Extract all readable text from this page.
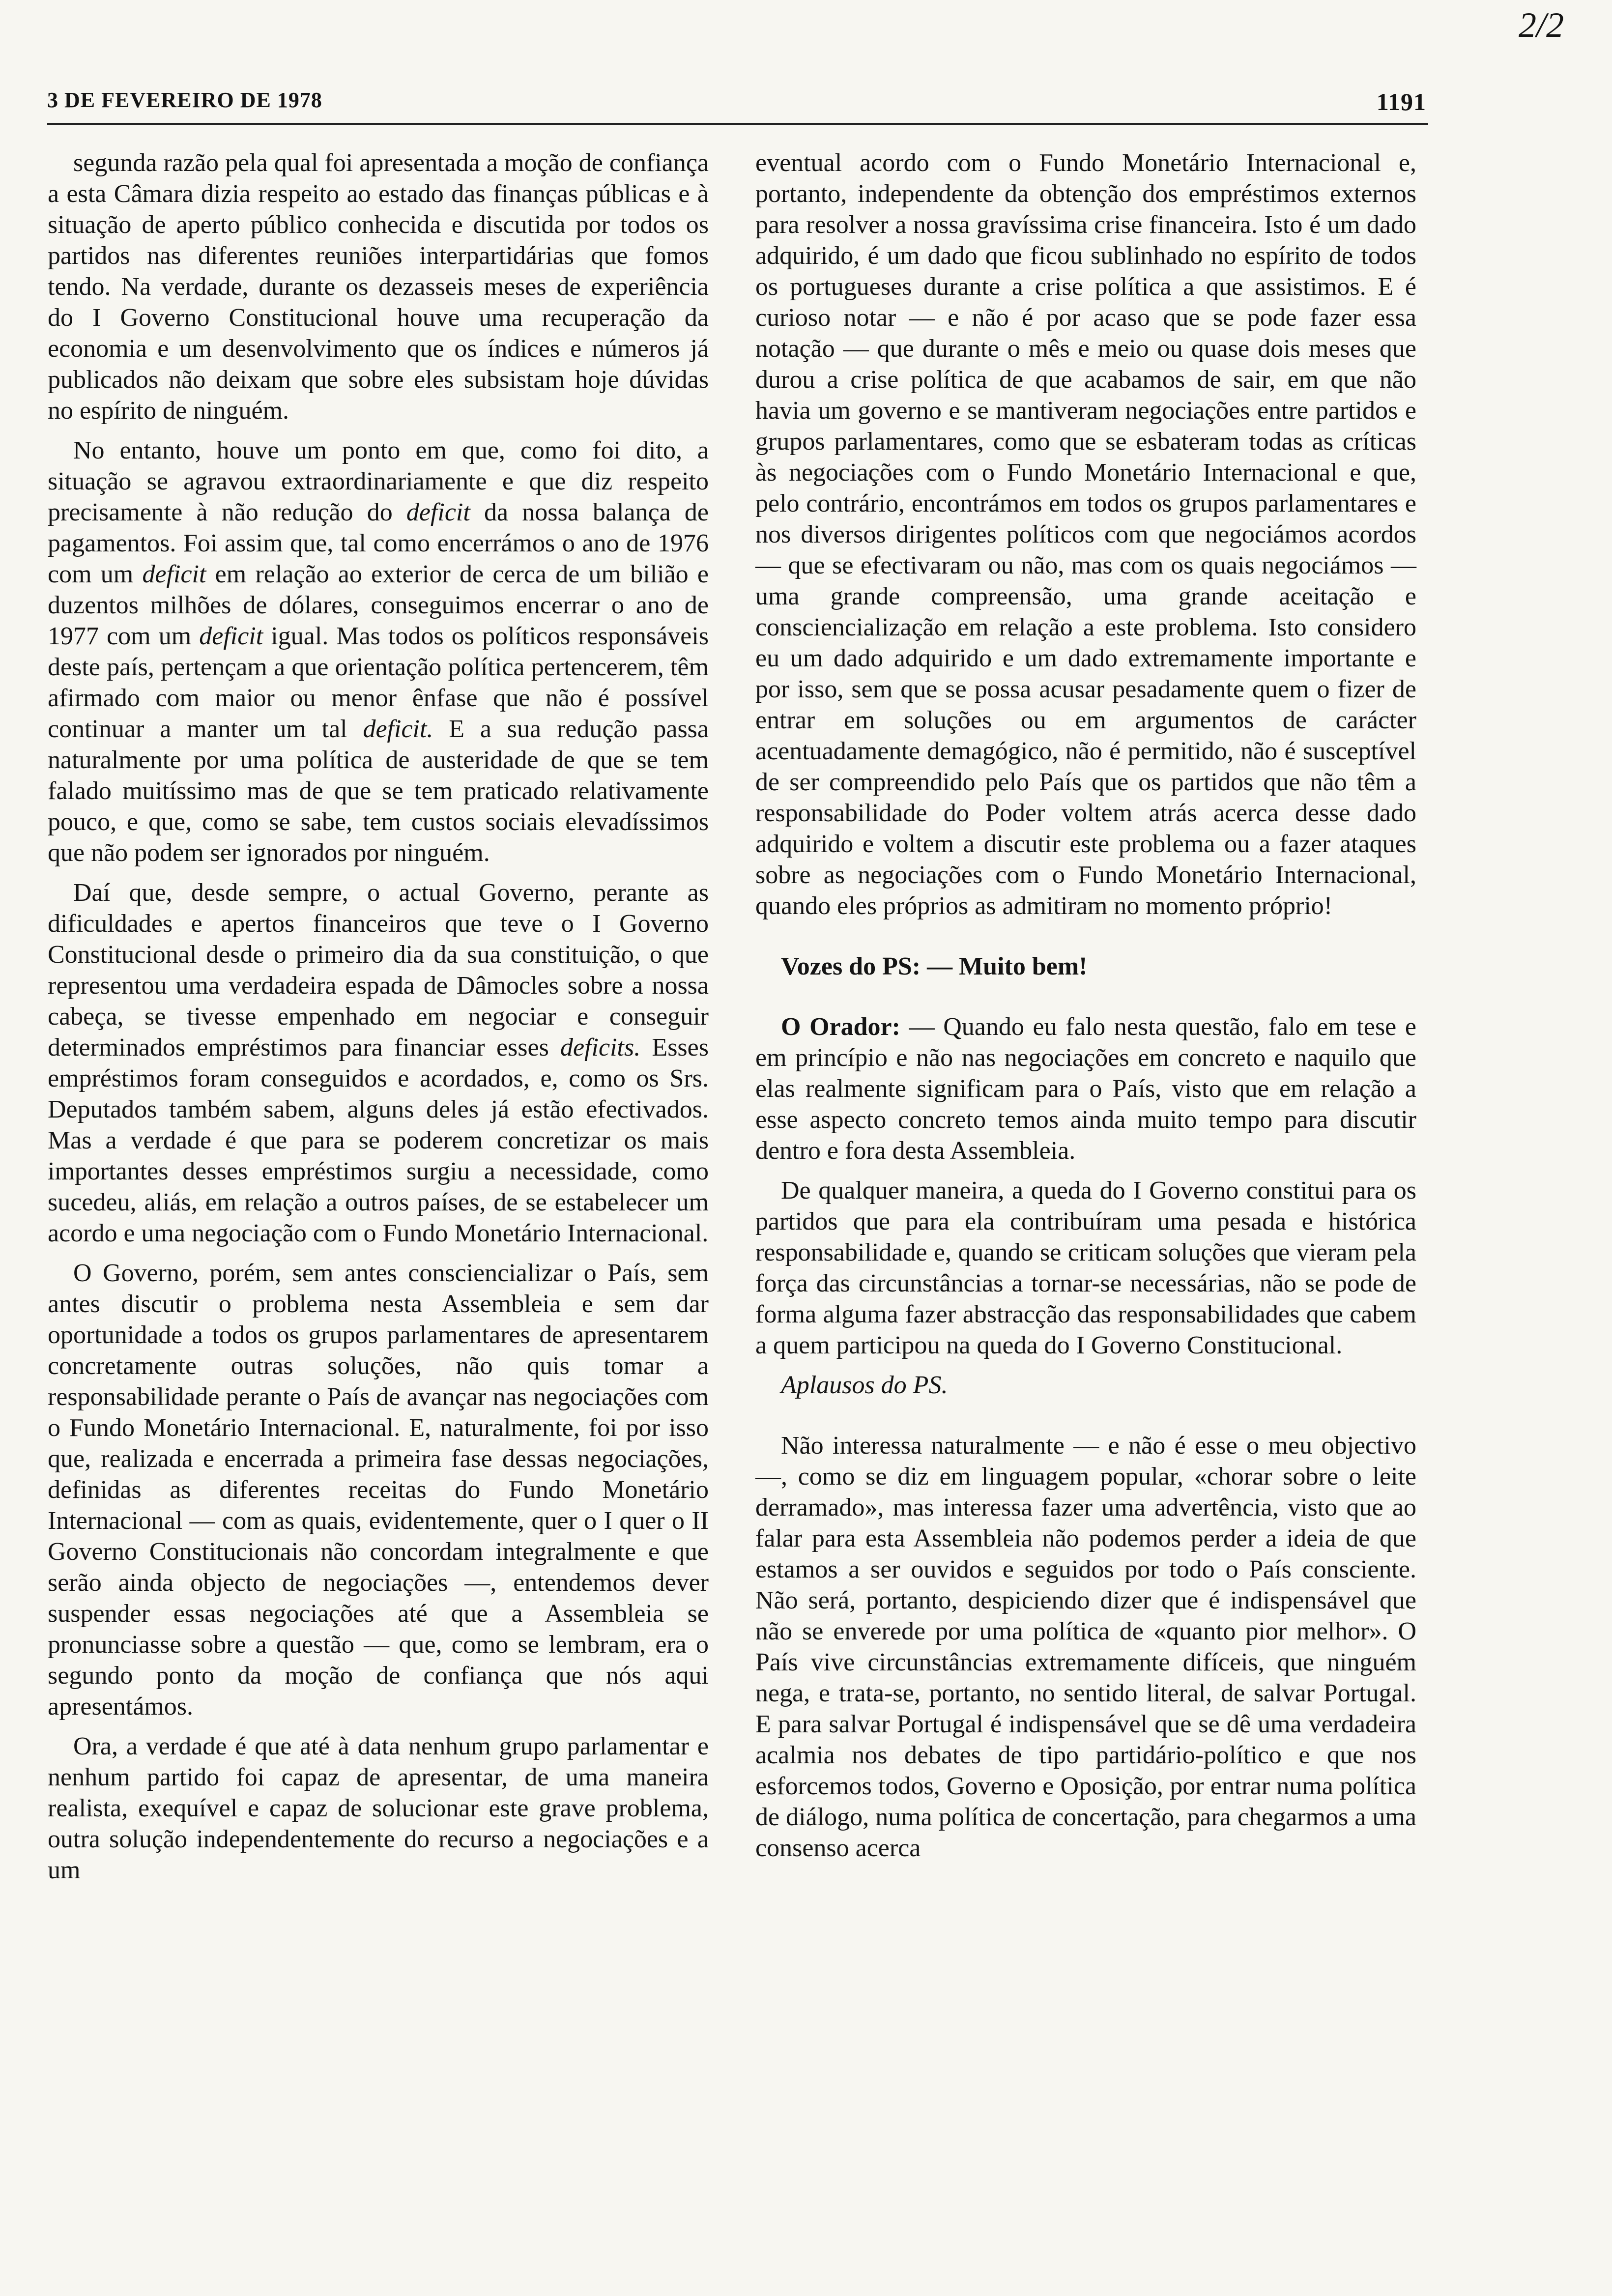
2/2
3 DE FEVEREIRO DE 1978	1191

segunda razão pela qual foi apresentada a moção de confiança a esta Câmara dizia respeito ao estado das finanças públicas e à situação de aperto público conhecida e discutida por todos os partidos nas diferentes reuniões interpartidárias que fomos tendo. Na verdade, durante os dezasseis meses de experiência do I Governo Constitucional houve uma recuperação da economia e um desenvolvimento que os índices e números já publicados não deixam que sobre eles subsistam hoje dúvidas no espírito de ninguém.

No entanto, houve um ponto em que, como foi dito, a situação se agravou extraordinariamente e que diz respeito precisamente à não redução do deficit da nossa balança de pagamentos. Foi assim que, tal como encerrámos o ano de 1976 com um deficit em relação ao exterior de cerca de um bilião e duzentos milhões de dólares, conseguimos encerrar o ano de 1977 com um deficit igual. Mas todos os políticos responsáveis deste país, pertençam a que orientação política pertencerem, têm afirmado com maior ou menor ênfase que não é possível continuar a manter um tal deficit. E a sua redução passa naturalmente por uma política de austeridade de que se tem falado muitíssimo mas de que se tem praticado relativamente pouco, e que, como se sabe, tem custos sociais elevadíssimos que não podem ser ignorados por ninguém.

Daí que, desde sempre, o actual Governo, perante as dificuldades e apertos financeiros que teve o I Governo Constitucional desde o primeiro dia da sua constituição, o que representou uma verdadeira espada de Dâmocles sobre a nossa cabeça, se tivesse empenhado em negociar e conseguir determinados empréstimos para financiar esses deficits. Esses empréstimos foram conseguidos e acordados, e, como os Srs. Deputados também sabem, alguns deles já estão efectivados. Mas a verdade é que para se poderem concretizar os mais importantes desses empréstimos surgiu a necessidade, como sucedeu, aliás, em relação a outros países, de se estabelecer um acordo e uma negociação com o Fundo Monetário Internacional.

O Governo, porém, sem antes consciencializar o País, sem antes discutir o problema nesta Assembleia e sem dar oportunidade a todos os grupos parlamentares de apresentarem concretamente outras soluções, não quis tomar a responsabilidade perante o País de avançar nas negociações com o Fundo Monetário Internacional. E, naturalmente, foi por isso que, realizada e encerrada a primeira fase dessas negociações, definidas as diferentes receitas do Fundo Monetário Internacional — com as quais, evidentemente, quer o I quer o II Governo Constitucionais não concordam integralmente e que serão ainda objecto de negociações —, entendemos dever suspender essas negociações até que a Assembleia se pronunciasse sobre a questão — que, como se lembram, era o segundo ponto da moção de confiança que nós aqui apresentámos.

Ora, a verdade é que até à data nenhum grupo parlamentar e nenhum partido foi capaz de apresentar, de uma maneira realista, exequível e capaz de solucionar este grave problema, outra solução independentemente do recurso a negociações e a um

eventual acordo com o Fundo Monetário Internacional e, portanto, independente da obtenção dos empréstimos externos para resolver a nossa gravíssima crise financeira. Isto é um dado adquirido, é um dado que ficou sublinhado no espírito de todos os portugueses durante a crise política a que assistimos. E é curioso notar — e não é por acaso que se pode fazer essa notação — que durante o mês e meio ou quase dois meses que durou a crise política de que acabamos de sair, em que não havia um governo e se mantiveram negociações entre partidos e grupos parlamentares, como que se esbateram todas as críticas às negociações com o Fundo Monetário Internacional e que, pelo contrário, encontrámos em todos os grupos parlamentares e nos diversos dirigentes políticos com que negociámos acordos — que se efectivaram ou não, mas com os quais negociámos — uma grande compreensão, uma grande aceitação e consciencialização em relação a este problema. Isto considero eu um dado adquirido e um dado extremamente importante e por isso, sem que se possa acusar pesadamente quem o fizer de entrar em soluções ou em argumentos de carácter acentuadamente demagógico, não é permitido, não é susceptível de ser compreendido pelo País que os partidos que não têm a responsabilidade do Poder voltem atrás acerca desse dado adquirido e voltem a discutir este problema ou a fazer ataques sobre as negociações com o Fundo Monetário Internacional, quando eles próprios as admitiram no momento próprio!

Vozes do PS: — Muito bem!

O Orador: — Quando eu falo nesta questão, falo em tese e em princípio e não nas negociações em concreto e naquilo que elas realmente significam para o País, visto que em relação a esse aspecto concreto temos ainda muito tempo para discutir dentro e fora desta Assembleia.

De qualquer maneira, a queda do I Governo constitui para os partidos que para ela contribuíram uma pesada e histórica responsabilidade e, quando se criticam soluções que vieram pela força das circunstâncias a tornar-se necessárias, não se pode de forma alguma fazer abstracção das responsabilidades que cabem a quem participou na queda do I Governo Constitucional.

Aplausos do PS.

Não interessa naturalmente — e não é esse o meu objectivo —, como se diz em linguagem popular, «chorar sobre o leite derramado», mas interessa fazer uma advertência, visto que ao falar para esta Assembleia não podemos perder a ideia de que estamos a ser ouvidos e seguidos por todo o País consciente. Não será, portanto, despiciendo dizer que é indispensável que não se enverede por uma política de «quanto pior melhor». O País vive circunstâncias extremamente difíceis, que ninguém nega, e trata-se, portanto, no sentido literal, de salvar Portugal. E para salvar Portugal é indispensável que se dê uma verdadeira acalmia nos debates de tipo partidário-político e que nos esforcemos todos, Governo e Oposição, por entrar numa política de diálogo, numa política de concertação, para chegarmos a uma consenso acerca
